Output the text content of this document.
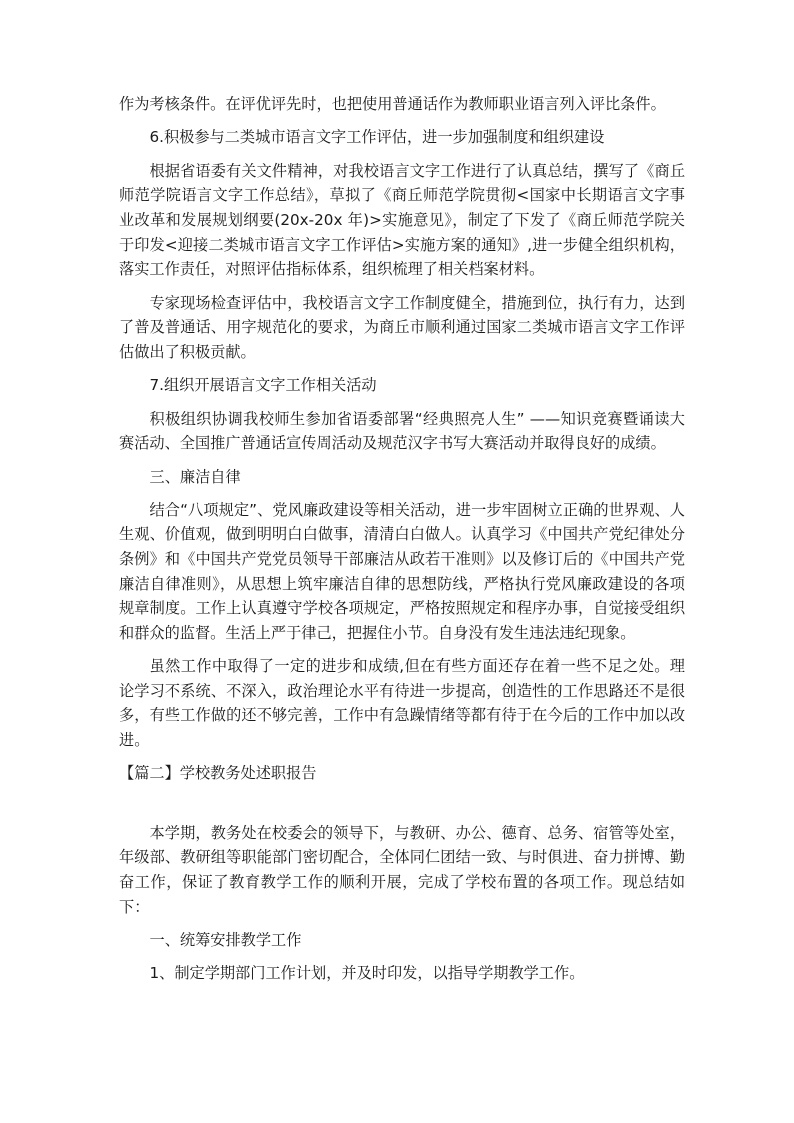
作为考核条件。在评优评先时，也把使用普通话作为教师职业语言列入评比条件。

6.积极参与二类城市语言文字工作评估，进一步加强制度和组织建设

根据省语委有关文件精神，对我校语言文字工作进行了认真总结，撰写了《商丘师范学院语言文字工作总结》，草拟了《商丘师范学院贯彻<国家中长期语言文字事业改革和发展规划纲要(20x-20x 年)>实施意见》，制定了下发了《商丘师范学院关于印发<迎接二类城市语言文字工作评估>实施方案的通知》,进一步健全组织机构，落实工作责任，对照评估指标体系，组织梳理了相关档案材料。

专家现场检查评估中，我校语言文字工作制度健全，措施到位，执行有力，达到了普及普通话、用字规范化的要求，为商丘市顺利通过国家二类城市语言文字工作评估做出了积极贡献。

7.组织开展语言文字工作相关活动

积极组织协调我校师生参加省语委部署“经典照亮人生” ——知识竞赛暨诵读大赛活动、全国推广普通话宣传周活动及规范汉字书写大赛活动并取得良好的成绩。

三、廉洁自律

结合“八项规定”、党风廉政建设等相关活动，进一步牢固树立正确的世界观、人生观、价值观，做到明明白白做事，清清白白做人。认真学习《中国共产党纪律处分条例》和《中国共产党党员领导干部廉洁从政若干准则》以及修订后的《中国共产党廉洁自律准则》，从思想上筑牢廉洁自律的思想防线，严格执行党风廉政建设的各项规章制度。工作上认真遵守学校各项规定，严格按照规定和程序办事，自觉接受组织和群众的监督。生活上严于律己，把握住小节。自身没有发生违法违纪现象。

虽然工作中取得了一定的进步和成绩,但在有些方面还存在着一些不足之处。理论学习不系统、不深入，政治理论水平有待进一步提高，创造性的工作思路还不是很多，有些工作做的还不够完善，工作中有急躁情绪等都有待于在今后的工作中加以改进。

【篇二】学校教务处述职报告

本学期，教务处在校委会的领导下，与教研、办公、德育、总务、宿管等处室，年级部、教研组等职能部门密切配合，全体同仁团结一致、与时俱进、奋力拼博、勤奋工作，保证了教育教学工作的顺利开展，完成了学校布置的各项工作。现总结如下：

一、统筹安排教学工作

1、制定学期部门工作计划，并及时印发，以指导学期教学工作。
